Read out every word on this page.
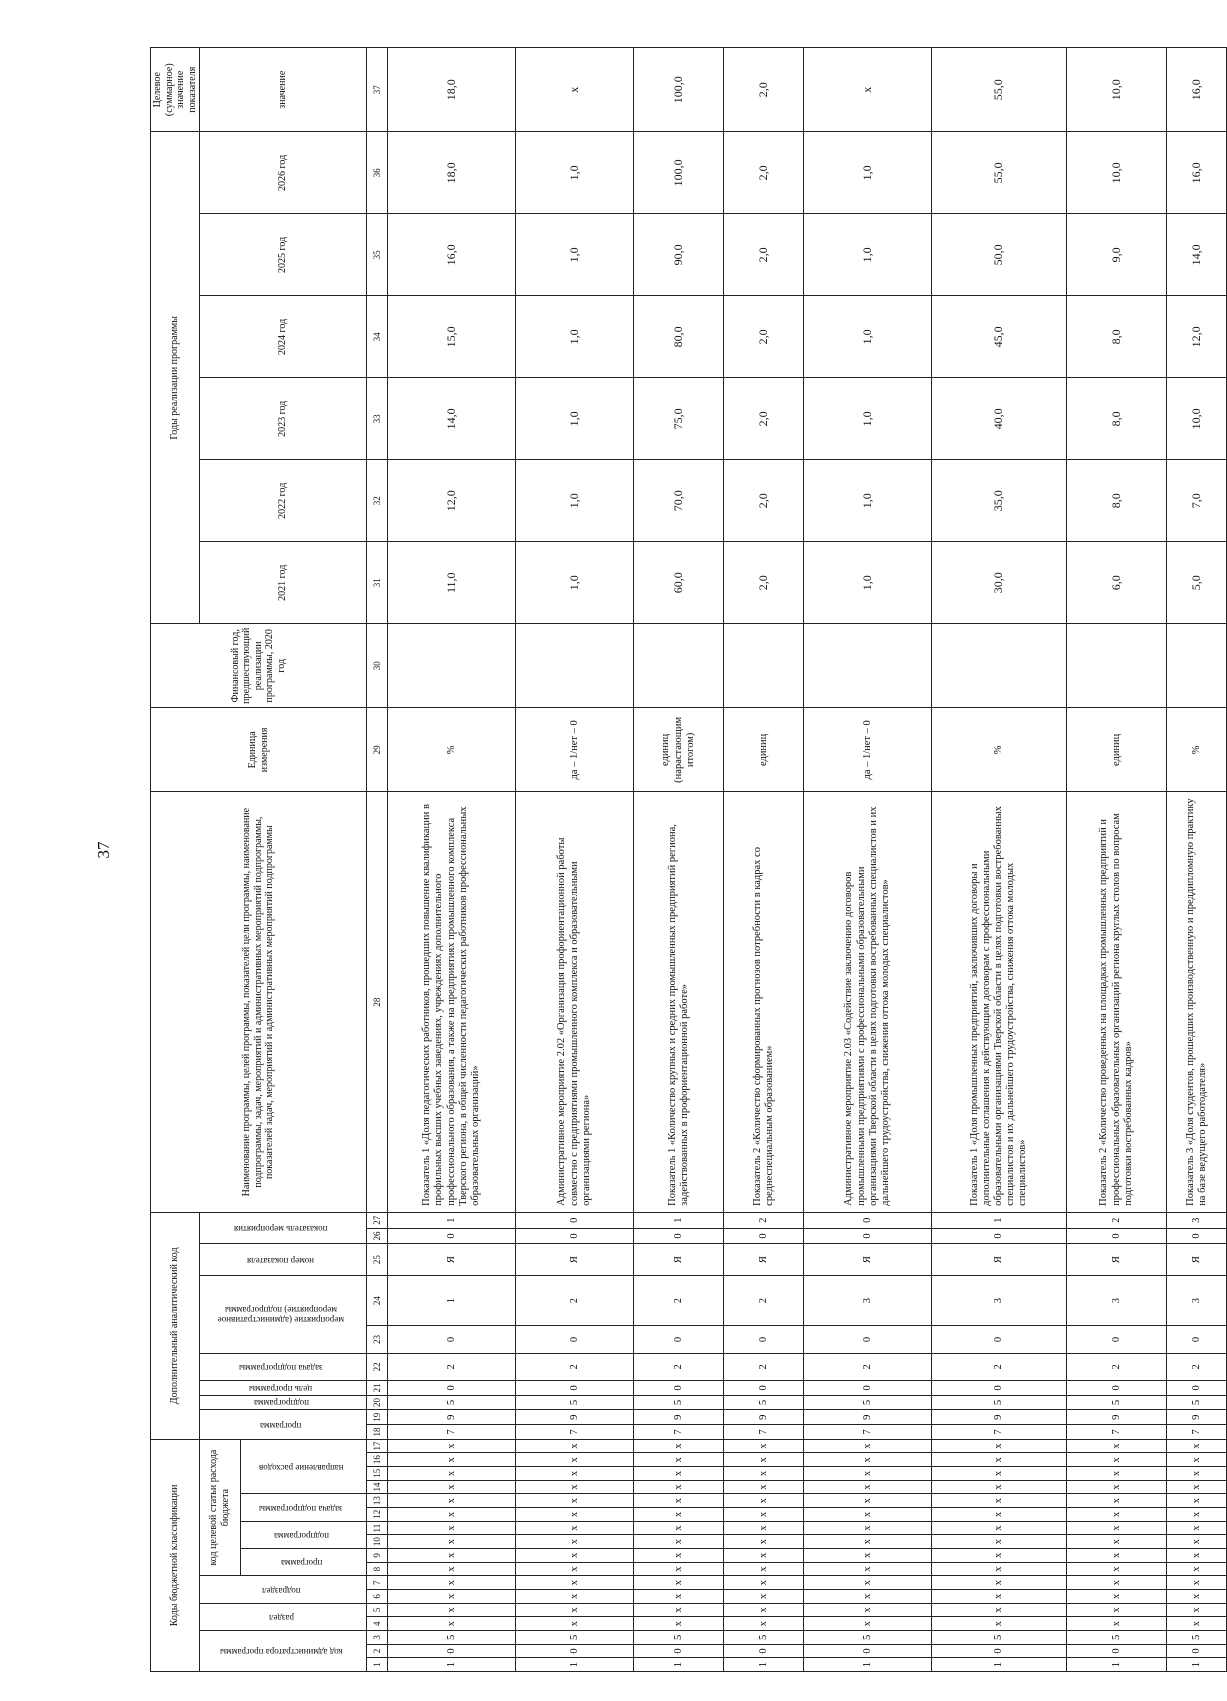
37
Коды бюджетной классификации																	Дополнительный аналитический код										Наименование программы, целей программы, показателей цели программы, наименование подпрограммы, задач, мероприятий и административных мероприятий подпрограммы, показателей задач, мероприятий и административных мероприятий подпрограммы	Единица измерения	Финансовый год, предшествующий реализации программы, 2020 год	Годы реализации программы						Целевое (суммарное) значение показателя
код администратора программы			раздел		подраздел		код целевой статьи расхода бюджета										программа		подпрограмма	цель программы	задача подпрограммы	мероприятие (административное мероприятие) подпрограммы		номер показателя	показатель мероприятия					2021 год	2022 год	2023 год	2024 год	2025 год	2026 год	значение
							программа		подпрограмма		задача подпрограммы		направление расходов																							
1	2	3	4	5	6	7	8	9	10	11	12	13	14	15	16	17	18	19	20	21	22	23	24	25	26	27	28	29	30	31	32	33	34	35	36	37
1	0	5	х	х	х	х	х	х	х	х	х	х	х	х	х	х	7	9	5	0	2	0	1	Я	0	1	Показатель 1 «Доля педагогических работников, прошедших повышение квалификации в профильных высших учебных заведениях, учреждениях дополнительного профессионального образования, а также на предприятиях промышленного комплекса Тверского региона, в общей численности педагогических работников профессиональных образовательных организаций»	%		11,0	12,0	14,0	15,0	16,0	18,0	18,0
1	0	5	х	х	х	х	х	х	х	х	х	х	х	х	х	х	7	9	5	0	2	0	2	Я	0	0	Административное мероприятие 2.02 «Организация профориентационной работы совместно с предприятиями промышленного комплекса и образовательными организациями региона»	да – 1/нет – 0		1,0	1,0	1,0	1,0	1,0	1,0	х
1	0	5	х	х	х	х	х	х	х	х	х	х	х	х	х	х	7	9	5	0	2	0	2	Я	0	1	Показатель 1 «Количество крупных и средних промышленных предприятий региона, задействованных в профориентационной работе»	единиц (нарастающим итогом)		60,0	70,0	75,0	80,0	90,0	100,0	100,0
1	0	5	х	х	х	х	х	х	х	х	х	х	х	х	х	х	7	9	5	0	2	0	2	Я	0	2	Показатель 2 «Количество сформированных прогнозов потребности в кадрах со среднеспециальным образованием»	единиц		2,0	2,0	2,0	2,0	2,0	2,0	2,0
1	0	5	х	х	х	х	х	х	х	х	х	х	х	х	х	х	7	9	5	0	2	0	3	Я	0	0	Административное мероприятие 2.03 «Содействие заключению договоров промышленными предприятиями с профессиональными образовательными организациями Тверской области в целях подготовки востребованных специалистов и их дальнейшего трудоустройства, снижения оттока молодых специалистов»	да – 1/нет – 0		1,0	1,0	1,0	1,0	1,0	1,0	х
1	0	5	х	х	х	х	х	х	х	х	х	х	х	х	х	х	7	9	5	0	2	0	3	Я	0	1	Показатель 1 «Доля промышленных предприятий, заключивших договоры и дополнительные соглашения к действующим договорам с профессиональными образовательными организациями Тверской области в целях подготовки востребованных специалистов и их дальнейшего трудоустройства, снижения оттока молодых специалистов»	%		30,0	35,0	40,0	45,0	50,0	55,0	55,0
1	0	5	х	х	х	х	х	х	х	х	х	х	х	х	х	х	7	9	5	0	2	0	3	Я	0	2	Показатель 2 «Количество проведенных на площадках промышленных предприятий и профессиональных образовательных организаций региона круглых столов по вопросам подготовки востребованных кадров»	единиц		6,0	8,0	8,0	8,0	9,0	10,0	10,0
1	0	5	х	х	х	х	х	х	х	х	х	х	х	х	х	х	7	9	5	0	2	0	3	Я	0	3	Показатель 3 «Доля студентов, прошедших производственную и преддипломную практику на базе ведущего работодателя»	%		5,0	7,0	10,0	12,0	14,0	16,0	16,0
